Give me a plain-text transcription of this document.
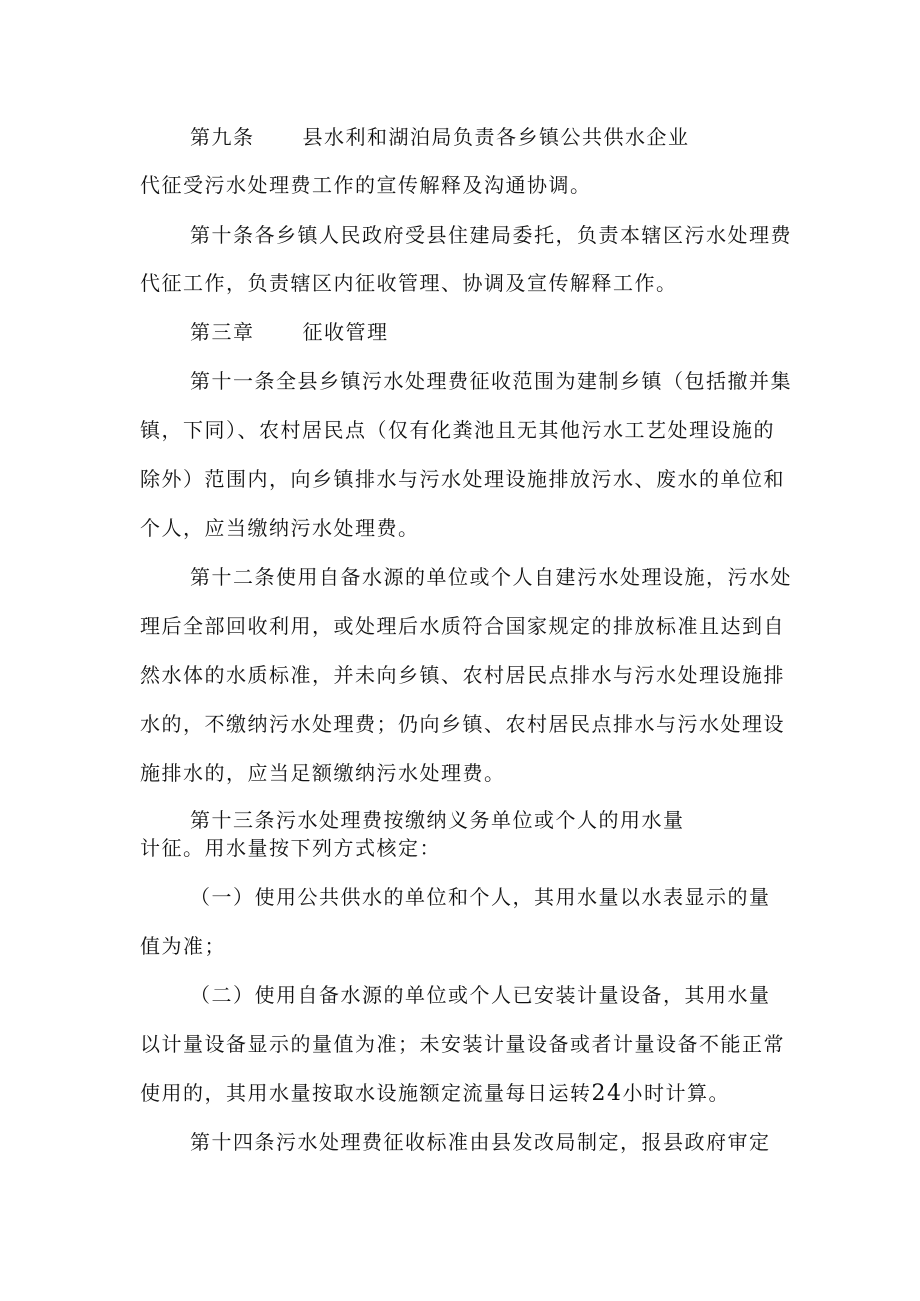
第九条 县水利和湖泊局负责各乡镇公共供水企业
代征受污水处理费工作的宣传解释及沟通协调。
第十条各乡镇人民政府受县住建局委托，负责本辖区污水处理费
代征工作，负责辖区内征收管理、协调及宣传解释工作。
第三章 征收管理
第十一条全县乡镇污水处理费征收范围为建制乡镇（包括撤并集
镇，下同）、农村居民点（仅有化粪池且无其他污水工艺处理设施的
除外）范围内，向乡镇排水与污水处理设施排放污水、废水的单位和
个人，应当缴纳污水处理费。
第十二条使用自备水源的单位或个人自建污水处理设施，污水处
理后全部回收利用，或处理后水质符合国家规定的排放标准且达到自
然水体的水质标准，并未向乡镇、农村居民点排水与污水处理设施排
水的，不缴纳污水处理费；仍向乡镇、农村居民点排水与污水处理设
施排水的，应当足额缴纳污水处理费。
第十三条污水处理费按缴纳义务单位或个人的用水量
计征。用水量按下列方式核定：
（一）使用公共供水的单位和个人，其用水量以水表显示的量
值为准；
（二）使用自备水源的单位或个人已安装计量设备，其用水量
以计量设备显示的量值为准；未安装计量设备或者计量设备不能正常
使用的，其用水量按取水设施额定流量每日运转24小时计算。
第十四条污水处理费征收标准由县发改局制定，报县政府审定
